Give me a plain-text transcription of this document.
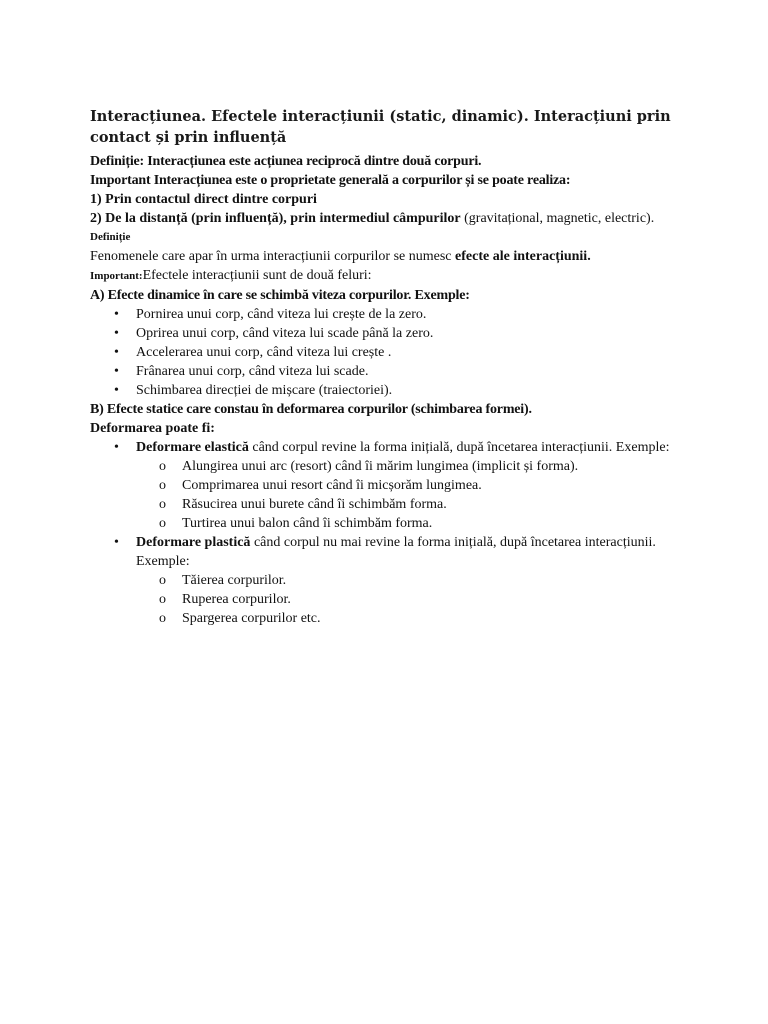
Interacțiunea. Efectele interacțiunii (static, dinamic). Interacțiuni prin contact și prin influență

Definiție: Interacțiunea este acțiunea reciprocă dintre două corpuri.

Important Interacțiunea este o proprietate generală a corpurilor și se poate realiza:

1) Prin contactul direct dintre corpuri

2) De la distanță (prin influență), prin intermediul câmpurilor (gravitațional, magnetic, electric).

Definiție

Fenomenele care apar în urma interacțiunii corpurilor se numesc efecte ale interacțiunii.

Important:Efectele interacțiunii sunt de două feluri:

A) Efecte dinamice în care se schimbă viteza corpurilor. Exemple:

• Pornirea unui corp, când viteza lui crește de la zero.
• Oprirea unui corp, când viteza lui scade până la zero.
• Accelerarea unui corp, când viteza lui crește .
• Frânarea unui corp, când viteza lui scade.
• Schimbarea direcției de mișcare (traiectoriei).

B) Efecte statice care constau în deformarea corpurilor (schimbarea formei).

Deformarea poate fi:

• Deformare elastică când corpul revine la forma inițială, după încetarea interacțiunii. Exemple:
o Alungirea unui arc (resort) când îi mărim lungimea (implicit și forma).
o Comprimarea unui resort când îi micșorăm lungimea.
o Răsucirea unui burete când îi schimbăm forma.
o Turtirea unui balon când îi schimbăm forma.
• Deformare plastică când corpul nu mai revine la forma inițială, după încetarea interacțiunii. Exemple:
o Tăierea corpurilor.
o Ruperea corpurilor.
o Spargerea corpurilor etc.
